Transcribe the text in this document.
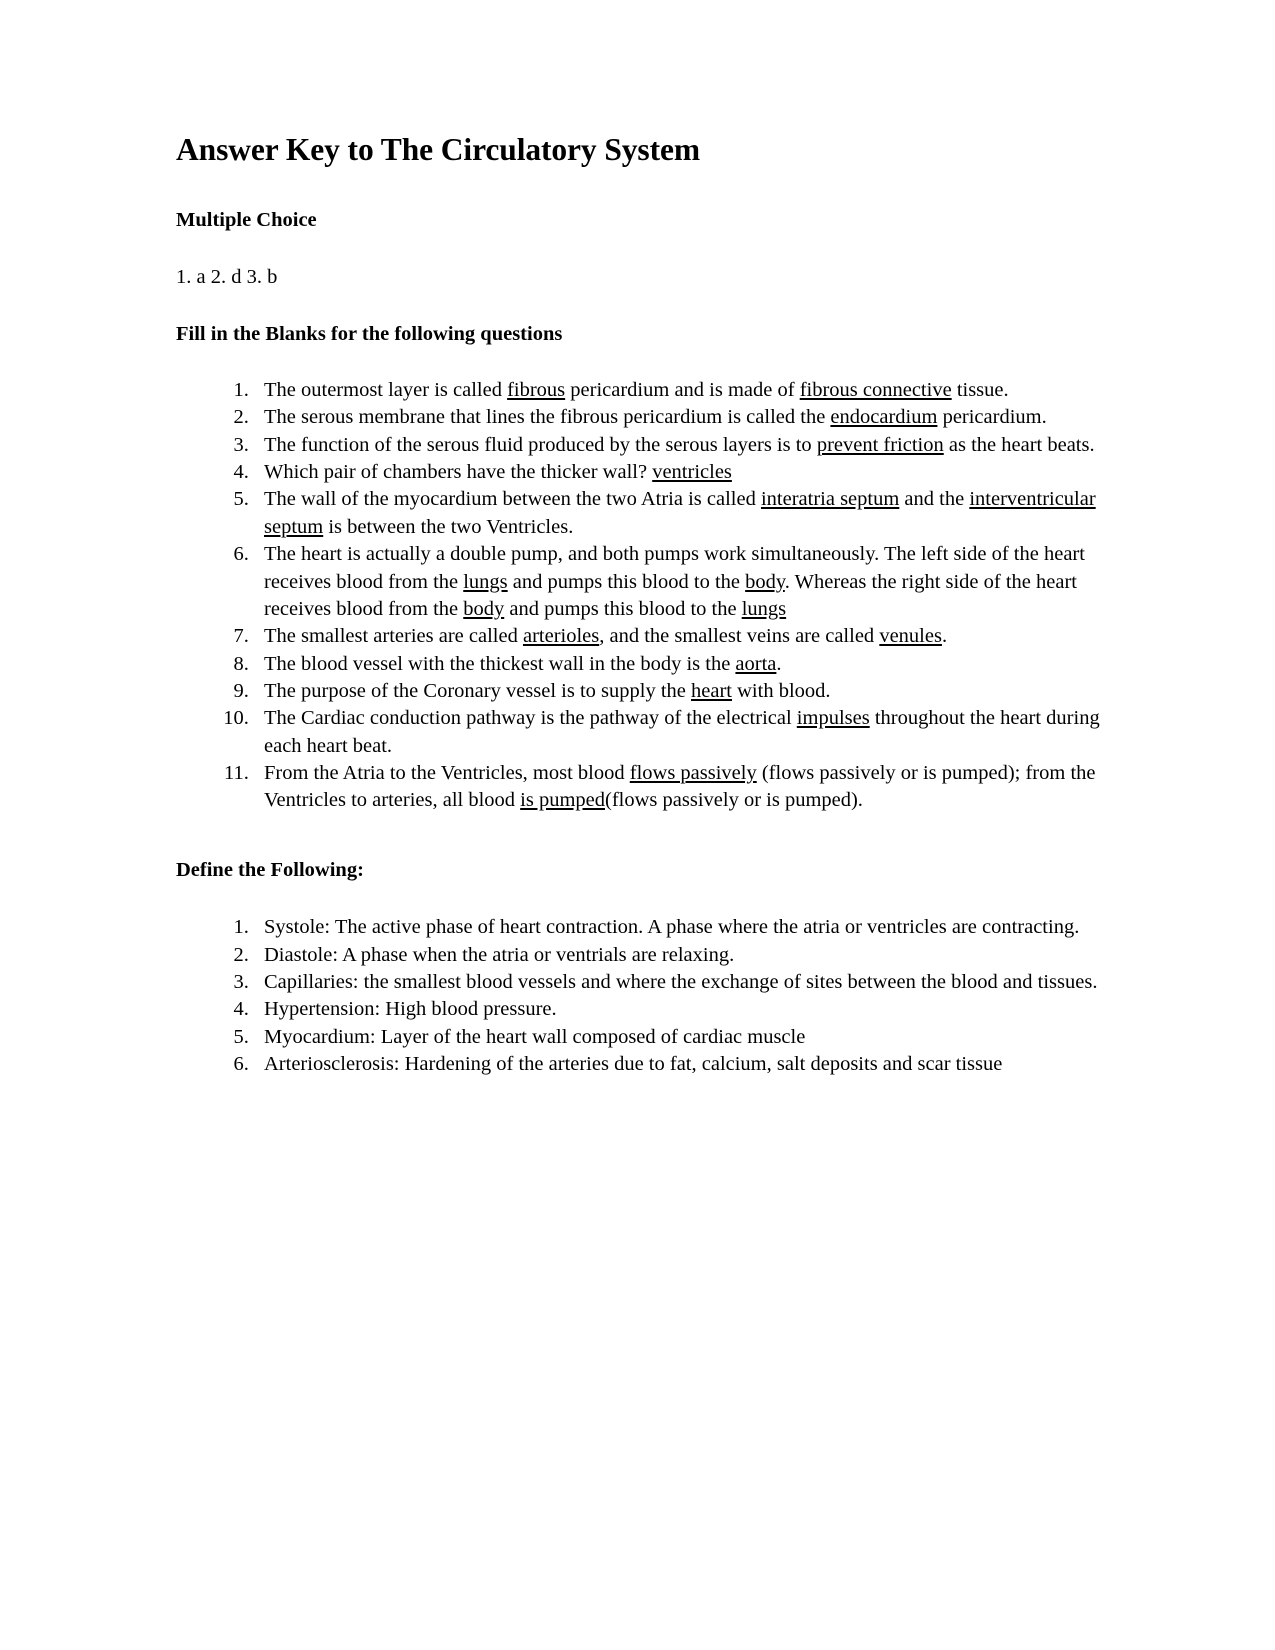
Answer Key to The Circulatory System
Multiple Choice
1. a 2. d 3. b
Fill in the Blanks for the following questions
1. The outermost layer is called fibrous pericardium and is made of fibrous connective tissue.
2. The serous membrane that lines the fibrous pericardium is called the endocardium pericardium.
3. The function of the serous fluid produced by the serous layers is to prevent friction as the heart beats.
4. Which pair of chambers have the thicker wall? ventricles
5. The wall of the myocardium between the two Atria is called interatria septum and the interventricular septum is between the two Ventricles.
6. The heart is actually a double pump, and both pumps work simultaneously. The left side of the heart receives blood from the lungs and pumps this blood to the body. Whereas the right side of the heart receives blood from the body and pumps this blood to the lungs
7. The smallest arteries are called arterioles, and the smallest veins are called venules.
8. The blood vessel with the thickest wall in the body is the aorta.
9. The purpose of the Coronary vessel is to supply the heart with blood.
10. The Cardiac conduction pathway is the pathway of the electrical impulses throughout the heart during each heart beat.
11. From the Atria to the Ventricles, most blood flows passively (flows passively or is pumped); from the Ventricles to arteries, all blood is pumped(flows passively or is pumped).
Define the Following:
1. Systole: The active phase of heart contraction. A phase where the atria or ventricles are contracting.
2. Diastole: A phase when the atria or ventrials are relaxing.
3. Capillaries: the smallest blood vessels and where the exchange of sites between the blood and tissues.
4. Hypertension: High blood pressure.
5. Myocardium: Layer of the heart wall composed of cardiac muscle
6. Arteriosclerosis: Hardening of the arteries due to fat, calcium, salt deposits and scar tissue
